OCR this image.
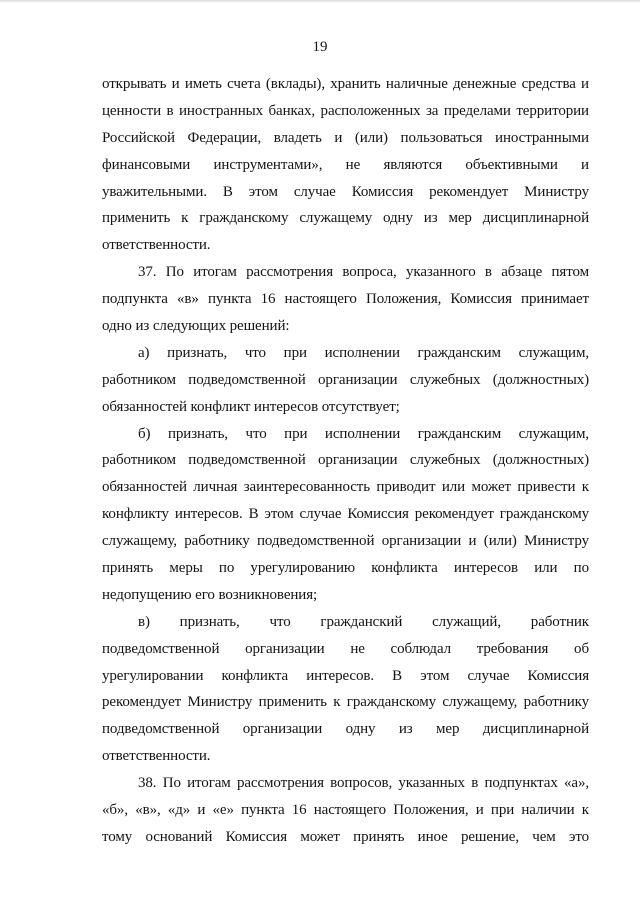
19
открывать и иметь счета (вклады), хранить наличные денежные средства и
ценности в иностранных банках, расположенных за пределами территории
Российской Федерации, владеть и (или) пользоваться иностранными
финансовыми инструментами», не являются объективными и
уважительными. В этом случае Комиссия рекомендует Министру
применить к гражданскому служащему одну из мер дисциплинарной
ответственности.
37. По итогам рассмотрения вопроса, указанного в абзаце пятом
подпункта «в» пункта 16 настоящего Положения, Комиссия принимает
одно из следующих решений:
а) признать, что при исполнении гражданским служащим,
работником подведомственной организации служебных (должностных)
обязанностей конфликт интересов отсутствует;
б) признать, что при исполнении гражданским служащим,
работником подведомственной организации служебных (должностных)
обязанностей личная заинтересованность приводит или может привести к
конфликту интересов. В этом случае Комиссия рекомендует гражданскому
служащему, работнику подведомственной организации и (или) Министру
принять меры по урегулированию конфликта интересов или по
недопущению его возникновения;
в) признать, что гражданский служащий, работник
подведомственной организации не соблюдал требования об
урегулировании конфликта интересов. В этом случае Комиссия
рекомендует Министру применить к гражданскому служащему, работнику
подведомственной организации одну из мер дисциплинарной
ответственности.
38. По итогам рассмотрения вопросов, указанных в подпунктах «а»,
«б», «в», «д» и «е» пункта 16 настоящего Положения, и при наличии к
тому оснований Комиссия может принять иное решение, чем это
